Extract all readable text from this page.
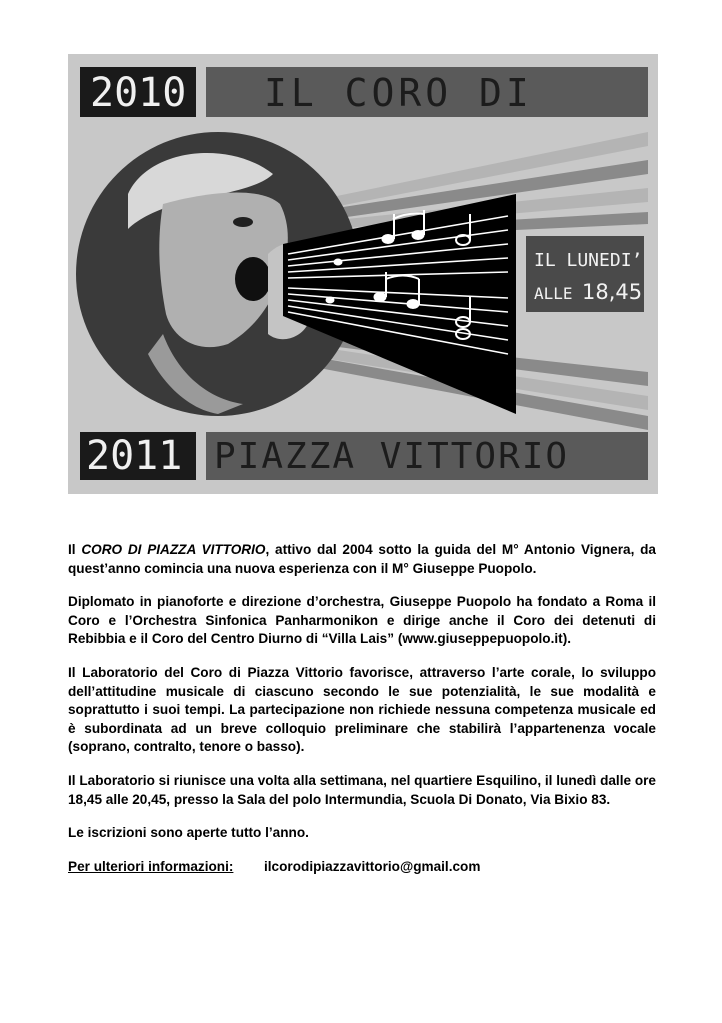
2010 IL CORO DI
IL LUNEDI’
ALLE 18,45
2011 PIAZZA VITTORIO

Il CORO DI PIAZZA VITTORIO, attivo dal 2004 sotto la guida del M° Antonio Vignera, da quest’anno comincia una nuova esperienza con il M° Giuseppe Puopolo.

Diplomato in pianoforte e direzione d’orchestra, Giuseppe Puopolo ha fondato a Roma il Coro e l’Orchestra Sinfonica Panharmonikon e dirige anche il Coro dei detenuti di Rebibbia e il Coro del Centro Diurno di “Villa Lais” (www.giuseppepuopolo.it).

Il Laboratorio del Coro di Piazza Vittorio favorisce, attraverso l’arte corale, lo sviluppo dell’attitudine musicale di ciascuno secondo le sue potenzialità, le sue modalità e soprattutto i suoi tempi. La partecipazione non richiede nessuna competenza musicale ed è subordinata ad un breve colloquio preliminare che stabilirà l’appartenenza vocale (soprano, contralto, tenore o basso).

Il Laboratorio si riunisce una volta alla settimana, nel quartiere Esquilino, il lunedì dalle ore 18,45 alle 20,45, presso la Sala del polo Intermundia, Scuola Di Donato, Via Bixio 83.

Le iscrizioni sono aperte tutto l’anno.

Per ulteriori informazioni:	ilcorodipiazzavittorio@gmail.com
